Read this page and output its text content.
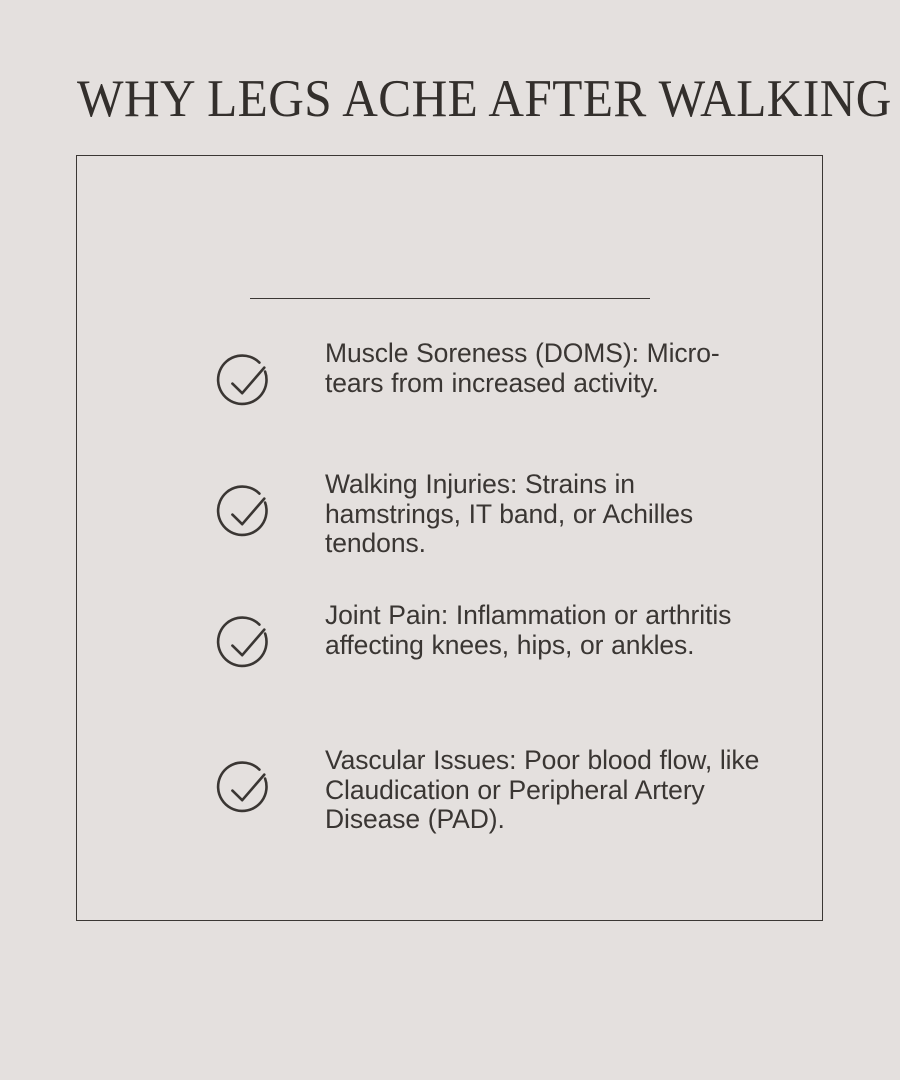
WHY LEGS ACHE AFTER WALKING
Muscle Soreness (DOMS): Micro-tears from increased activity.
Walking Injuries: Strains in hamstrings, IT band, or Achilles tendons.
Joint Pain: Inflammation or arthritis affecting knees, hips, or ankles.
Vascular Issues: Poor blood flow, like Claudication or Peripheral Artery Disease (PAD).
